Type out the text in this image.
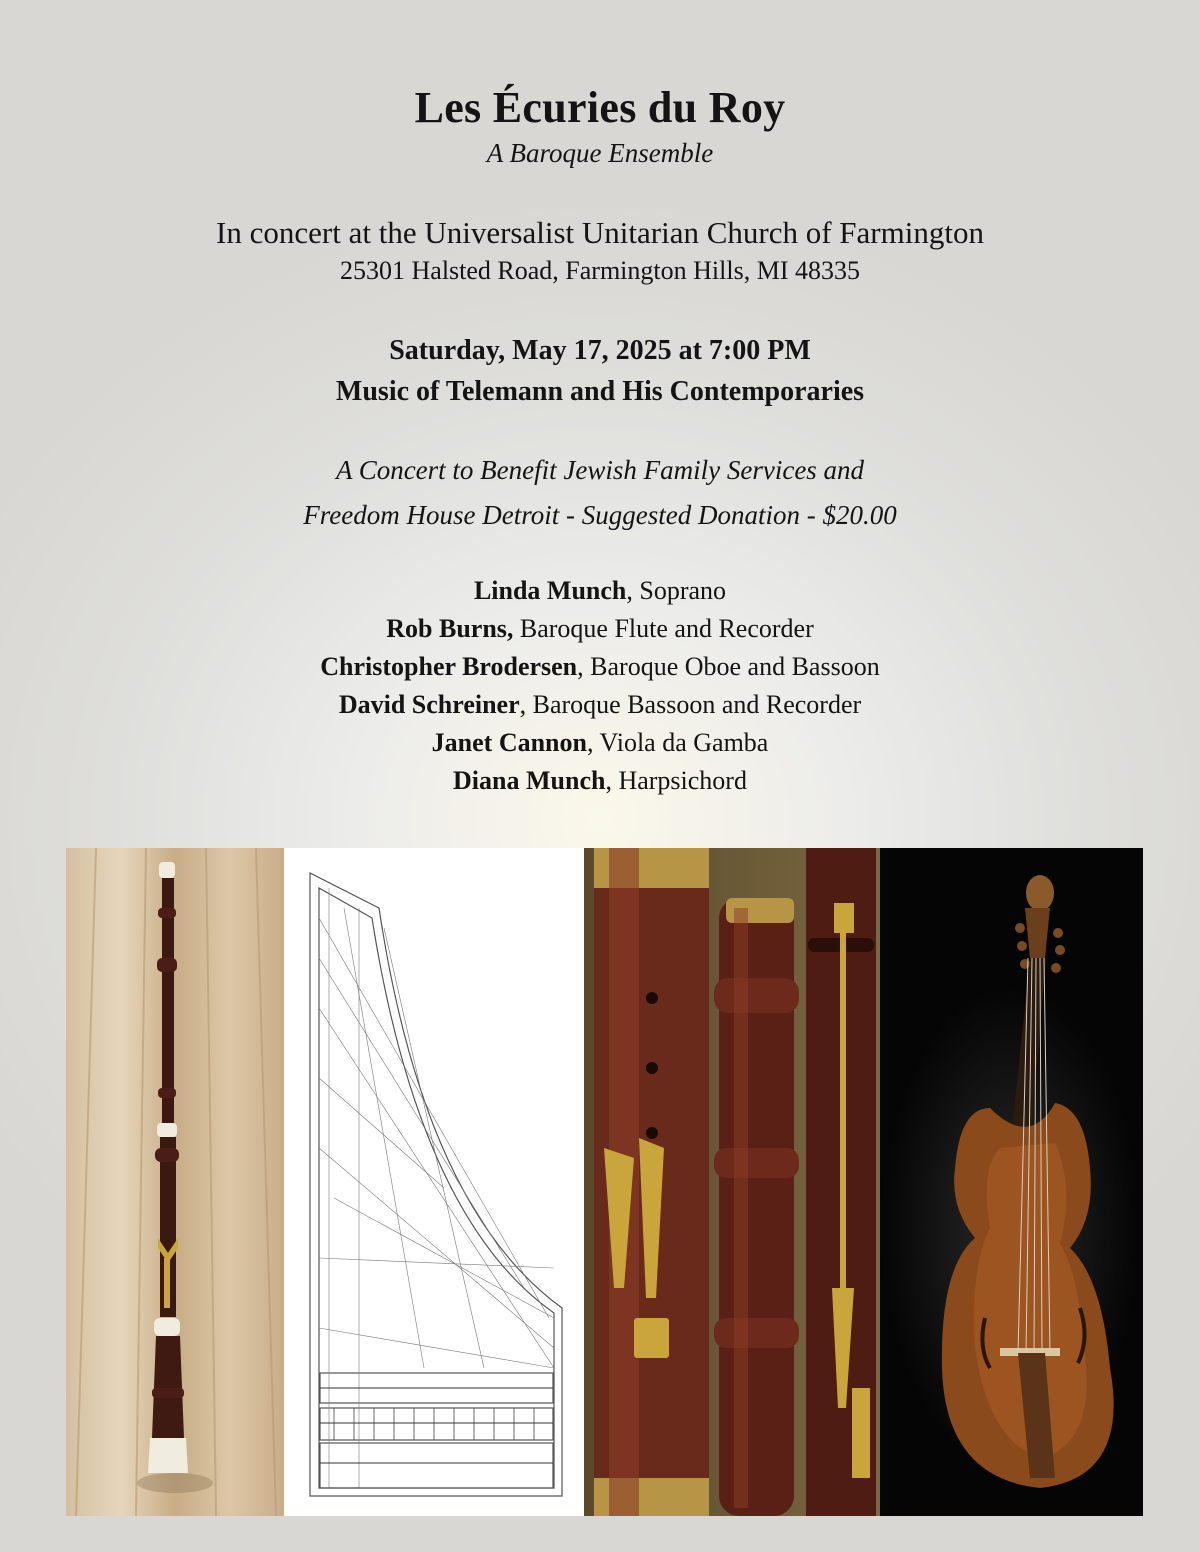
Les Écuries du Roy
A Baroque Ensemble
In concert at the Universalist Unitarian Church of Farmington
25301 Halsted Road, Farmington Hills, MI 48335
Saturday, May 17, 2025 at 7:00 PM
Music of Telemann and His Contemporaries
A Concert to Benefit Jewish Family Services and
Freedom House Detroit - Suggested Donation - $20.00
Linda Munch, Soprano
Rob Burns, Baroque Flute and Recorder
Christopher Brodersen, Baroque Oboe and Bassoon
David Schreiner, Baroque Bassoon and Recorder
Janet Cannon, Viola da Gamba
Diana Munch, Harpsichord
